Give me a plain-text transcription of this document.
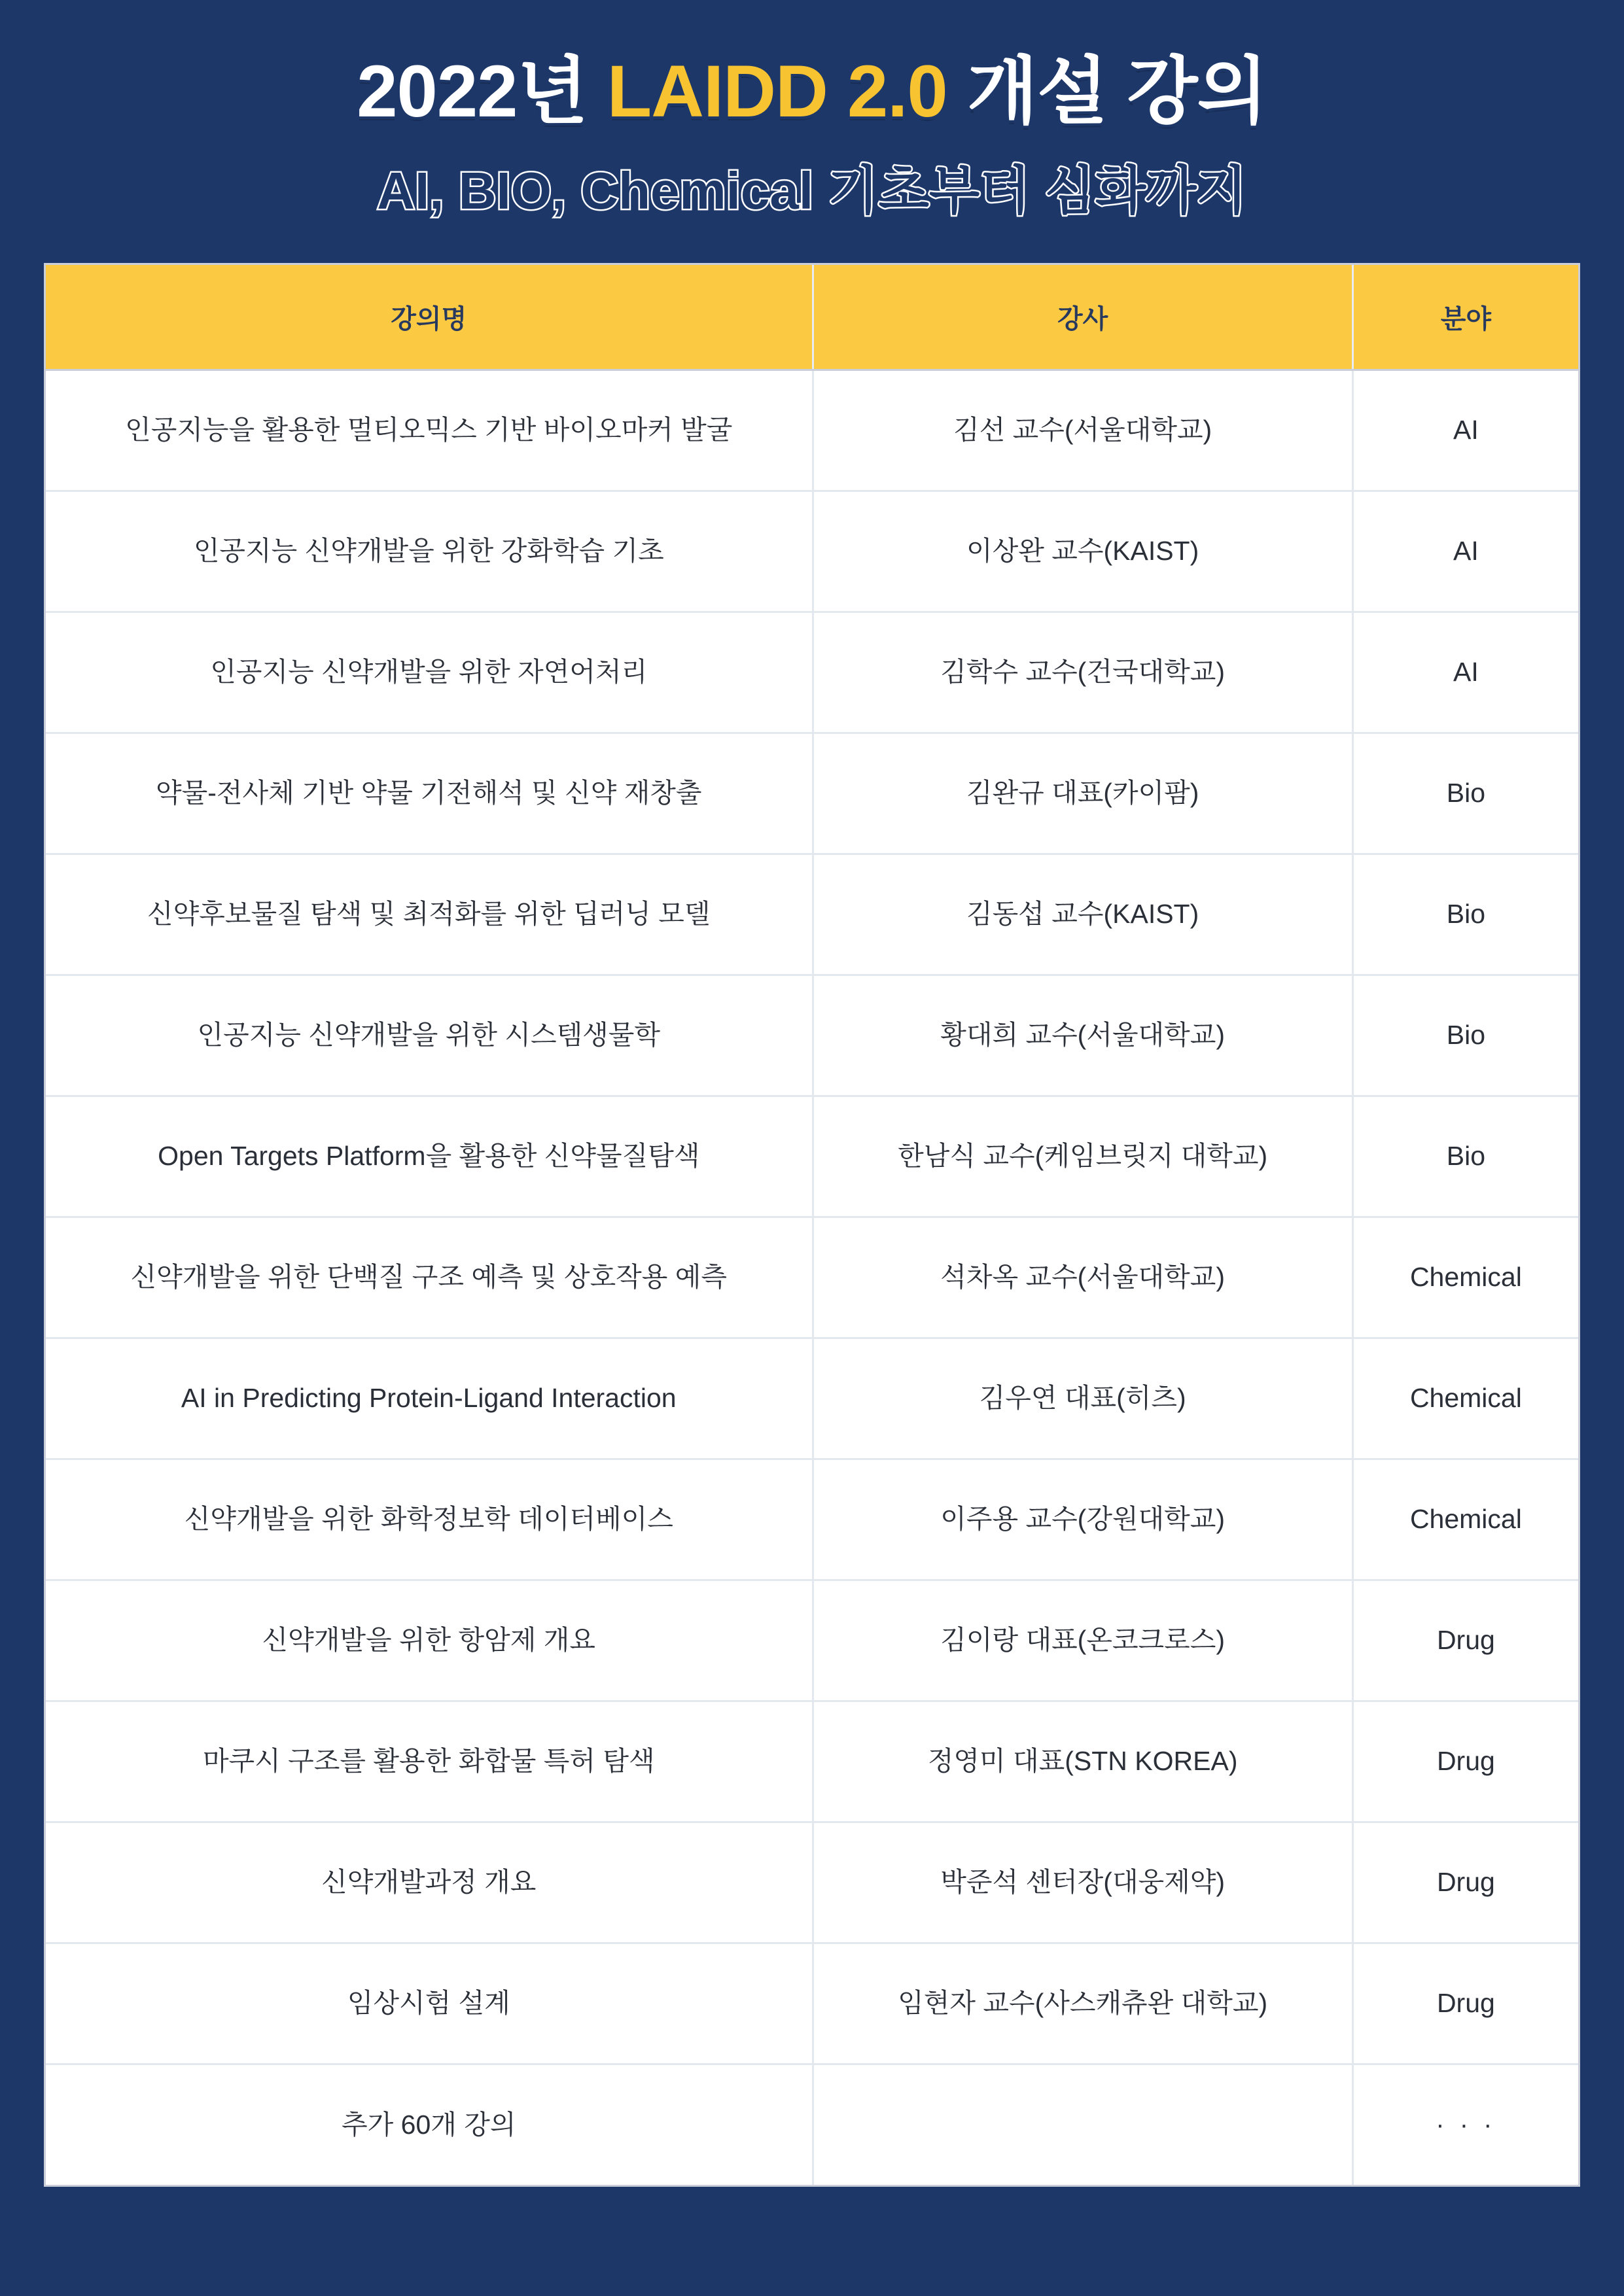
2022년 LAIDD 2.0 개설 강의
AI, BIO, Chemical 기초부터 심화까지
강의명	강사	분야
인공지능을 활용한 멀티오믹스 기반 바이오마커 발굴	김선 교수(서울대학교)	AI
인공지능 신약개발을 위한 강화학습 기초	이상완 교수(KAIST)	AI
인공지능 신약개발을 위한 자연어처리	김학수 교수(건국대학교)	AI
약물-전사체 기반 약물 기전해석 및 신약 재창출	김완규 대표(카이팜)	Bio
신약후보물질 탐색 및 최적화를 위한 딥러닝 모델	김동섭 교수(KAIST)	Bio
인공지능 신약개발을 위한 시스템생물학	황대희 교수(서울대학교)	Bio
Open Targets Platform을 활용한 신약물질탐색	한남식 교수(케임브릿지 대학교)	Bio
신약개발을 위한 단백질 구조 예측 및 상호작용 예측	석차옥 교수(서울대학교)	Chemical
AI in Predicting Protein-Ligand Interaction	김우연 대표(히츠)	Chemical
신약개발을 위한 화학정보학 데이터베이스	이주용 교수(강원대학교)	Chemical
신약개발을 위한 항암제 개요	김이랑 대표(온코크로스)	Drug
마쿠시 구조를 활용한 화합물 특허 탐색	정영미 대표(STN KOREA)	Drug
신약개발과정 개요	박준석 센터장(대웅제약)	Drug
임상시험 설계	임현자 교수(사스캐츄완 대학교)	Drug
추가 60개 강의		· · ·
